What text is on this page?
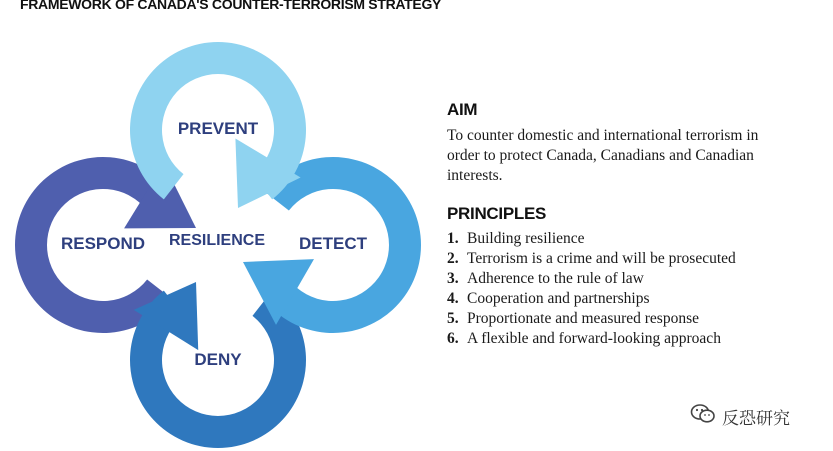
FRAMEWORK OF CANADA'S COUNTER-TERRORISM STRATEGY
PREVENT
DETECT
DENY
RESPOND RESILIENCE
AIM
To counter domestic and international terrorism in order to protect Canada, Canadians and Canadian interests.
PRINCIPLES
1. Building resilience
2. Terrorism is a crime and will be prosecuted
3. Adherence to the rule of law
4. Cooperation and partnerships
5. Proportionate and measured response
6. A flexible and forward-looking approach
反恐研究
